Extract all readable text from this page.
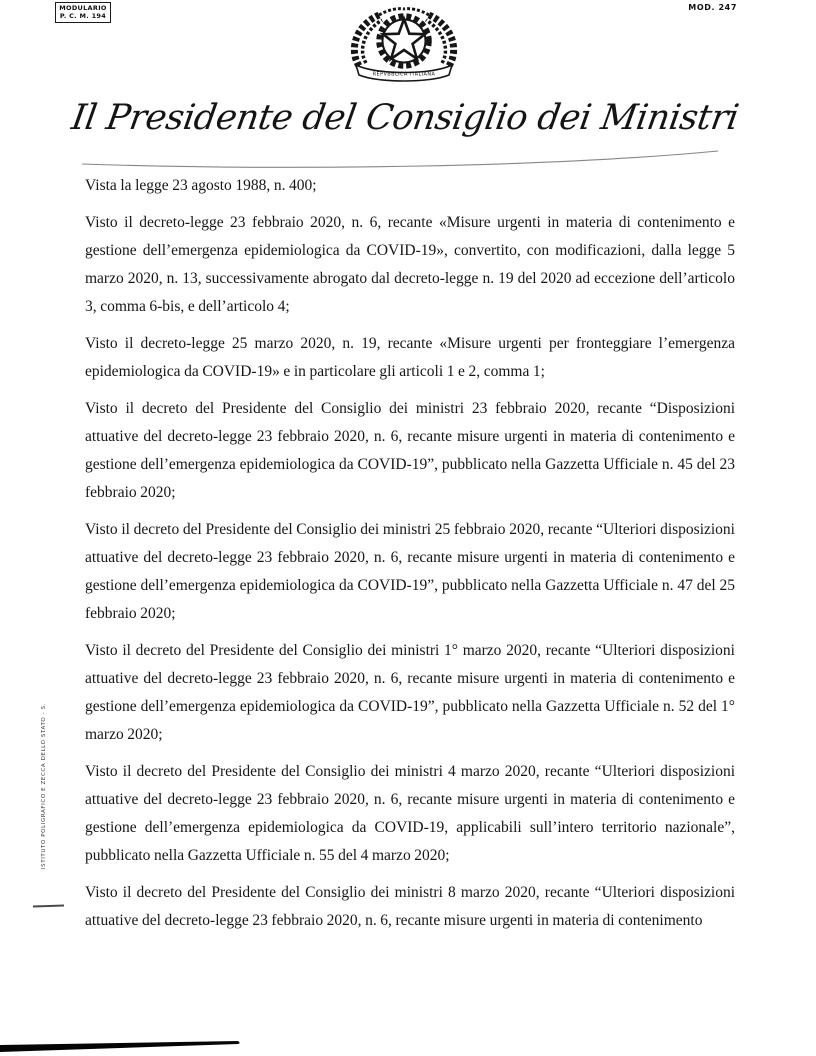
MODULARIO
P. C. M. 194
MOD. 247
REPVBBLICA ITALIANA
Il Presidente del Consiglio dei Ministri

Vista la legge 23 agosto 1988, n. 400;

Visto il decreto-legge 23 febbraio 2020, n. 6, recante «Misure urgenti in materia di contenimento e gestione dell’emergenza epidemiologica da COVID-19», convertito, con modificazioni, dalla legge 5 marzo 2020, n. 13, successivamente abrogato dal decreto-legge n. 19 del 2020 ad eccezione dell’articolo 3, comma 6-bis, e dell’articolo 4;

Visto il decreto-legge 25 marzo 2020, n. 19, recante «Misure urgenti per fronteggiare l’emergenza epidemiologica da COVID-19» e in particolare gli articoli 1 e 2, comma 1;

Visto il decreto del Presidente del Consiglio dei ministri 23 febbraio 2020, recante “Disposizioni attuative del decreto-legge 23 febbraio 2020, n. 6, recante misure urgenti in materia di contenimento e gestione dell’emergenza epidemiologica da COVID-19”, pubblicato nella Gazzetta Ufficiale n. 45 del 23 febbraio 2020;

Visto il decreto del Presidente del Consiglio dei ministri 25 febbraio 2020, recante “Ulteriori disposizioni attuative del decreto-legge 23 febbraio 2020, n. 6, recante misure urgenti in materia di contenimento e gestione dell’emergenza epidemiologica da COVID-19”, pubblicato nella Gazzetta Ufficiale n. 47 del 25 febbraio 2020;

Visto il decreto del Presidente del Consiglio dei ministri 1° marzo 2020, recante “Ulteriori disposizioni attuative del decreto-legge 23 febbraio 2020, n. 6, recante misure urgenti in materia di contenimento e gestione dell’emergenza epidemiologica da COVID-19”, pubblicato nella Gazzetta Ufficiale n. 52 del 1° marzo 2020;

Visto il decreto del Presidente del Consiglio dei ministri 4 marzo 2020, recante “Ulteriori disposizioni attuative del decreto-legge 23 febbraio 2020, n. 6, recante misure urgenti in materia di contenimento e gestione dell’emergenza epidemiologica da COVID-19, applicabili sull’intero territorio nazionale”, pubblicato nella Gazzetta Ufficiale n. 55 del 4 marzo 2020;

Visto il decreto del Presidente del Consiglio dei ministri 8 marzo 2020, recante “Ulteriori disposizioni attuative del decreto-legge 23 febbraio 2020, n. 6, recante misure urgenti in materia di contenimento

ISTITUTO POLIGRAFICO E ZECCA DELLO STATO - S.
